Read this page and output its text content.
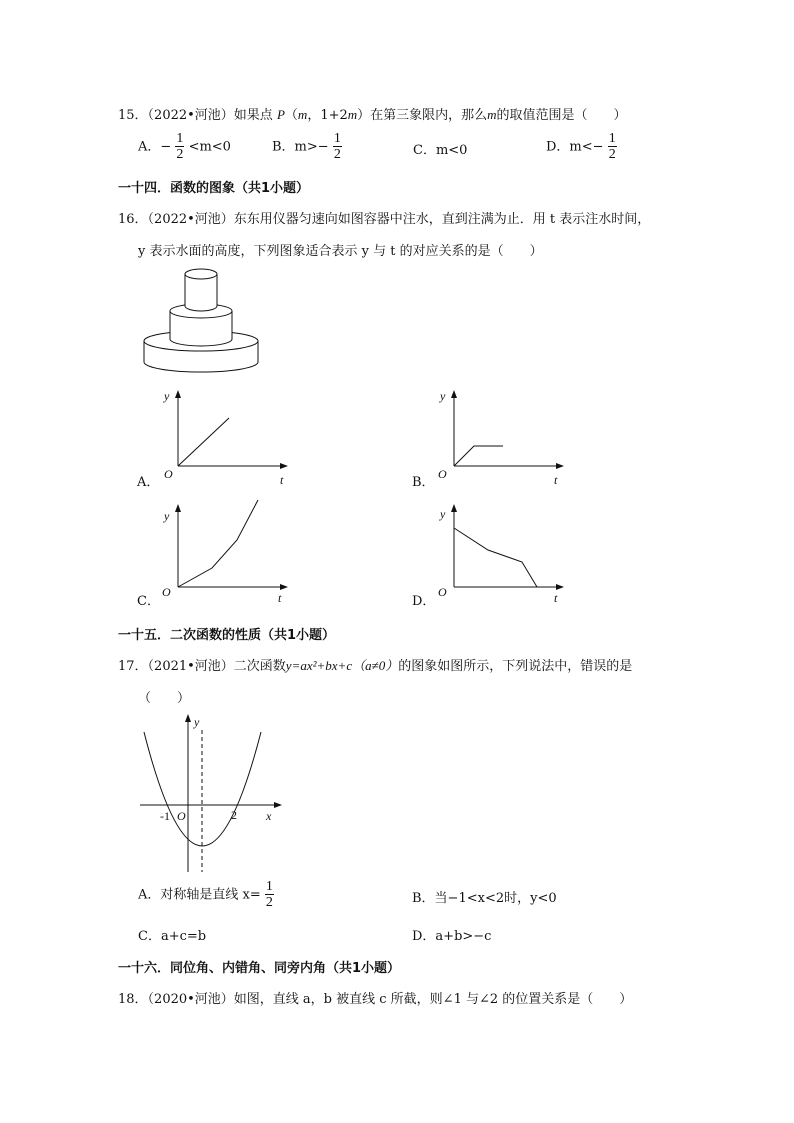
15．（2022•河池）如果点 P（m，1+2m）在第三象限内，那么m的取值范围是（　　）
A．− $\frac{1}{2} <m<0$	B．$m>- \frac{1}{2}$	C．m<0	D．$m<- \frac{1}{2}$
一十四．函数的图象（共1小题）
16．（2022•河池）东东用仪器匀速向如图容器中注水，直到注满为止．用 t 表示注水时间，
y 表示水面的高度，下列图象适合表示 y 与 t 的对应关系的是（　　）
y
O	t
A．
y
O	t
B．
y
O	t
C．
y
O	t
D．
一十五．二次函数的性质（共1小题）
17．（2021•河池）二次函数y=ax²+bx+c（a≠0）的图象如图所示，下列说法中，错误的是
（　　）
y
x
O
-1	2
A．对称轴是直线 $x= \frac{1}{2}$	B．当−1<x<2时，y<0
C．a+c=b	D．a+b>−c
一十六．同位角、内错角、同旁内角（共1小题）
18．（2020•河池）如图，直线 a，b 被直线 c 所截，则∠1 与∠2 的位置关系是（　　）
